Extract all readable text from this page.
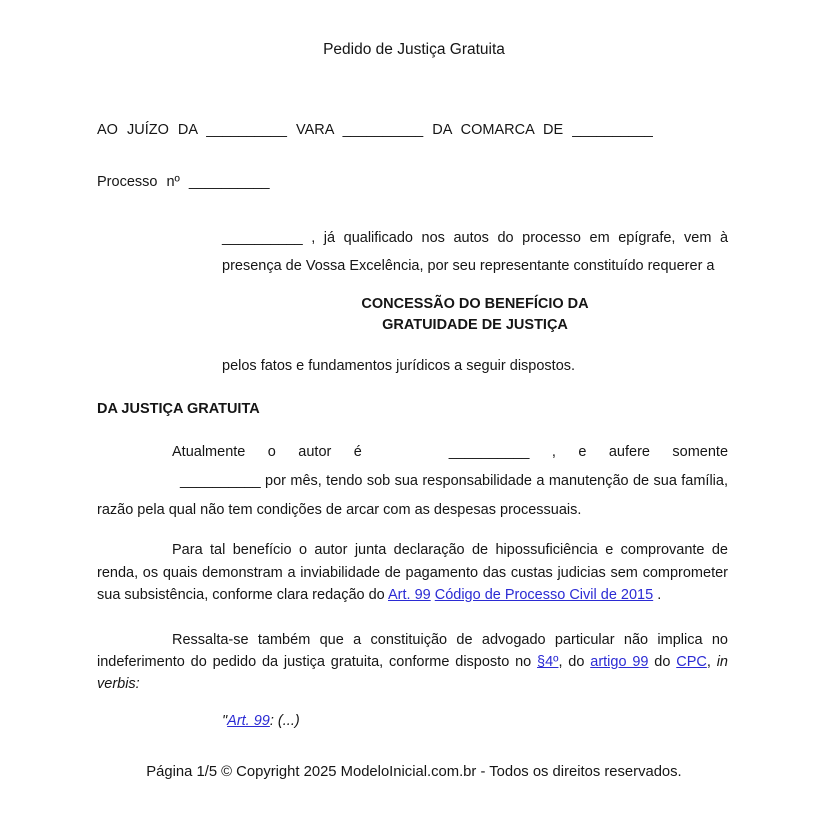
Pedido de Justiça Gratuita
AO JUÍZO DA __________ VARA __________ DA COMARCA DE __________
Processo nº __________
__________ , já qualificado nos autos do processo em epígrafe, vem à
presença de Vossa Excelência, por seu representante constituído requerer a
CONCESSÃO DO BENEFÍCIO DA
GRATUIDADE DE JUSTIÇA
pelos fatos e fundamentos jurídicos a seguir dispostos.
DA JUSTIÇA GRATUITA
Atualmente o autor é	__________ , e aufere somente
__________ por mês, tendo sob sua responsabilidade a manutenção de sua família,
razão pela qual não tem condições de arcar com as despesas processuais.
Para tal benefício o autor junta declaração de hipossuficiência e comprovante de
renda, os quais demonstram a inviabilidade de pagamento das custas judicias sem comprometer
sua subsistência, conforme clara redação do Art. 99 Código de Processo Civil de 2015 .
Ressalta-se também que a constituição de advogado particular não implica no
indeferimento do pedido da justiça gratuita, conforme disposto no §4º, do artigo 99 do CPC, in
verbis:
"Art. 99: (...)
Página 1/5 © Copyright 2025 ModeloInicial.com.br - Todos os direitos reservados.
